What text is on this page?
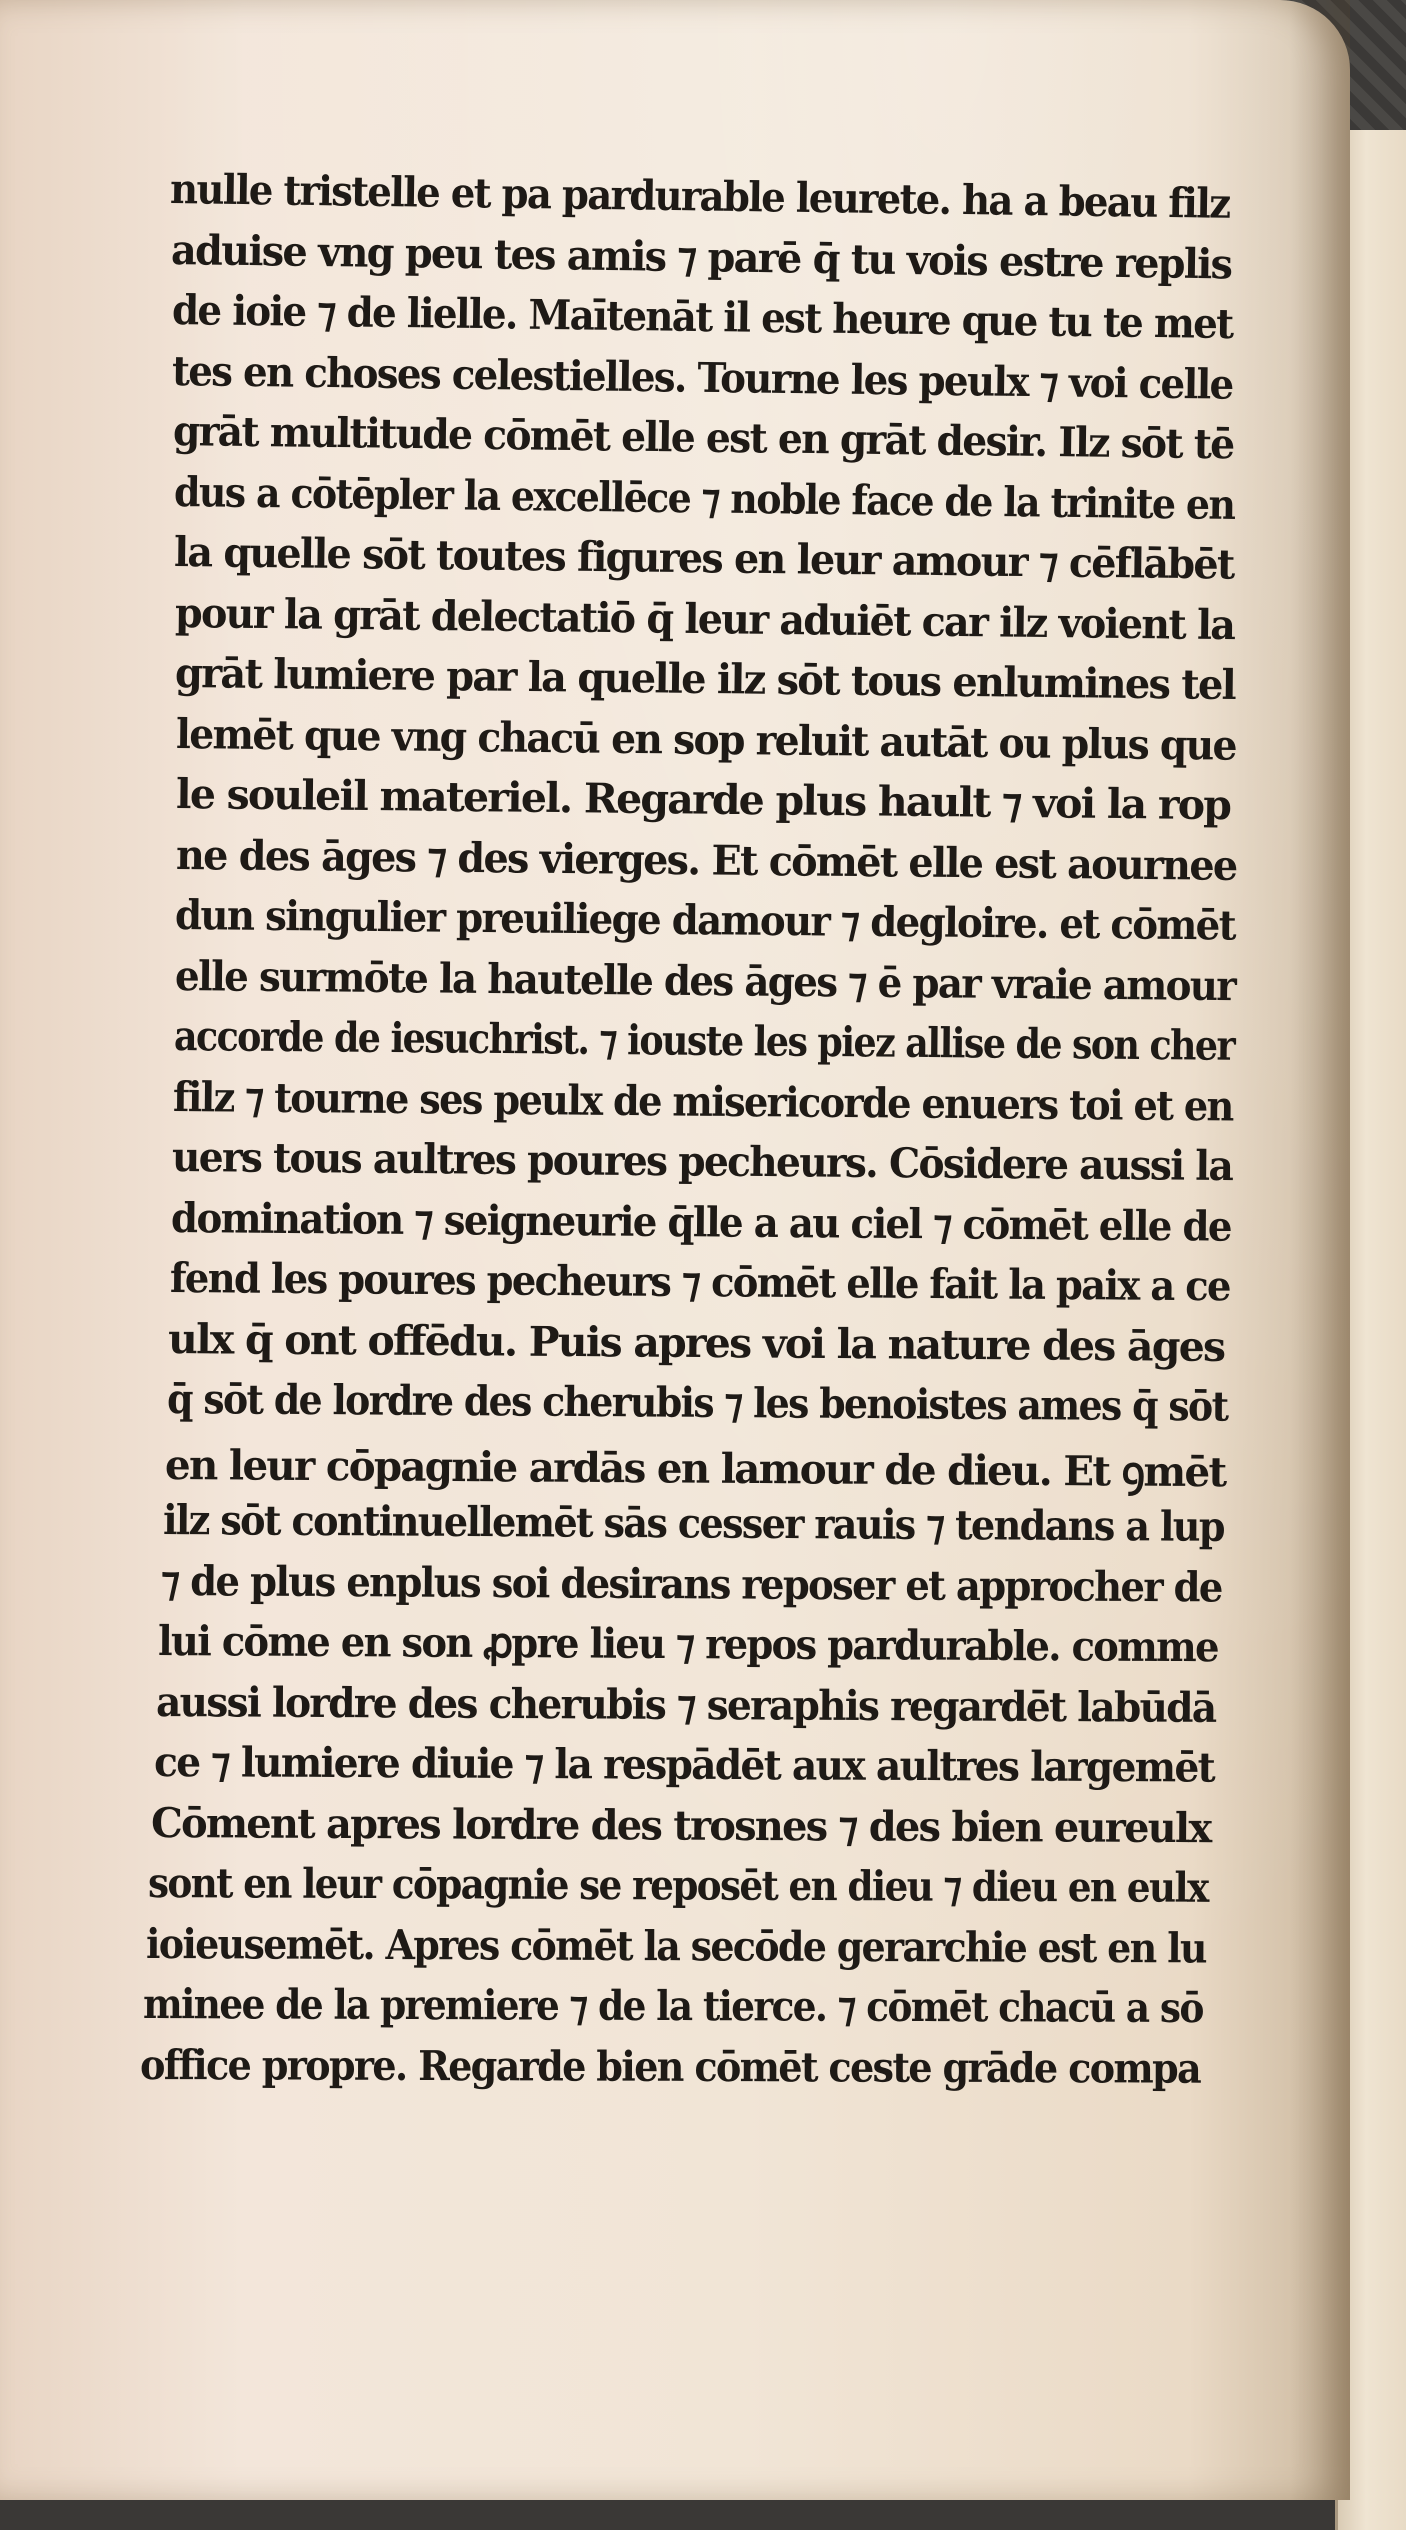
nulle tristelle et pa pardurable leurete. ha a beau filz
aduise vng peu tes amis ⁊ parē q̄ tu vois estre replis
de ioie ⁊ de lielle. Maītenāt il est heure que tu te met
tes en choses celestielles. Tourne les peulx ⁊ voi celle
grāt multitude cōmēt elle est en grāt desir. Ilz sōt tē
dus a cōtēpler la excellēce ⁊ noble face de la trinite en
la quelle sōt toutes figures en leur amour ⁊ cēflābēt
pour la grāt delectatiō q̄ leur aduiēt car ilz voient la
grāt lumiere par la quelle ilz sōt tous enlumines tel
lemēt que vng chacū en sop reluit autāt ou plus que
le souleil materiel. Regarde plus hault ⁊ voi la rop
ne des āges ⁊ des vierges. Et cōmēt elle est aournee
dun singulier preuiliege damour ⁊ degloire. et cōmēt
elle surmōte la hautelle des āges ⁊ ē par vraie amour
accorde de iesuchrist. ⁊ iouste les piez allise de son cher
filz ⁊ tourne ses peulx de misericorde enuers toi et en
uers tous aultres poures pecheurs. Cōsidere aussi la
domination ⁊ seigneurie q̄lle a au ciel ⁊ cōmēt elle de
fend les poures pecheurs ⁊ cōmēt elle fait la paix a ce
ulx q̄ ont offēdu. Puis apres voi la nature des āges
q̄ sōt de lordre des cherubis ⁊ les benoistes ames q̄ sōt
en leur cōpagnie ardās en lamour de dieu. Et ꝯmēt
ilz sōt continuellemēt sās cesser rauis ⁊ tendans a lup
⁊ de plus enplus soi desirans reposer et approcher de
lui cōme en son ꝓpre lieu ⁊ repos pardurable. comme
aussi lordre des cherubis ⁊ seraphis regardēt labūdā
ce ⁊ lumiere diuie ⁊ la respādēt aux aultres largemēt
Cōment apres lordre des trosnes ⁊ des bien eureulx
sont en leur cōpagnie se reposēt en dieu ⁊ dieu en eulx
ioieusemēt. Apres cōmēt la secōde gerarchie est en lu
minee de la premiere ⁊ de la tierce. ⁊ cōmēt chacū a sō
office propre. Regarde bien cōmēt ceste grāde compa
